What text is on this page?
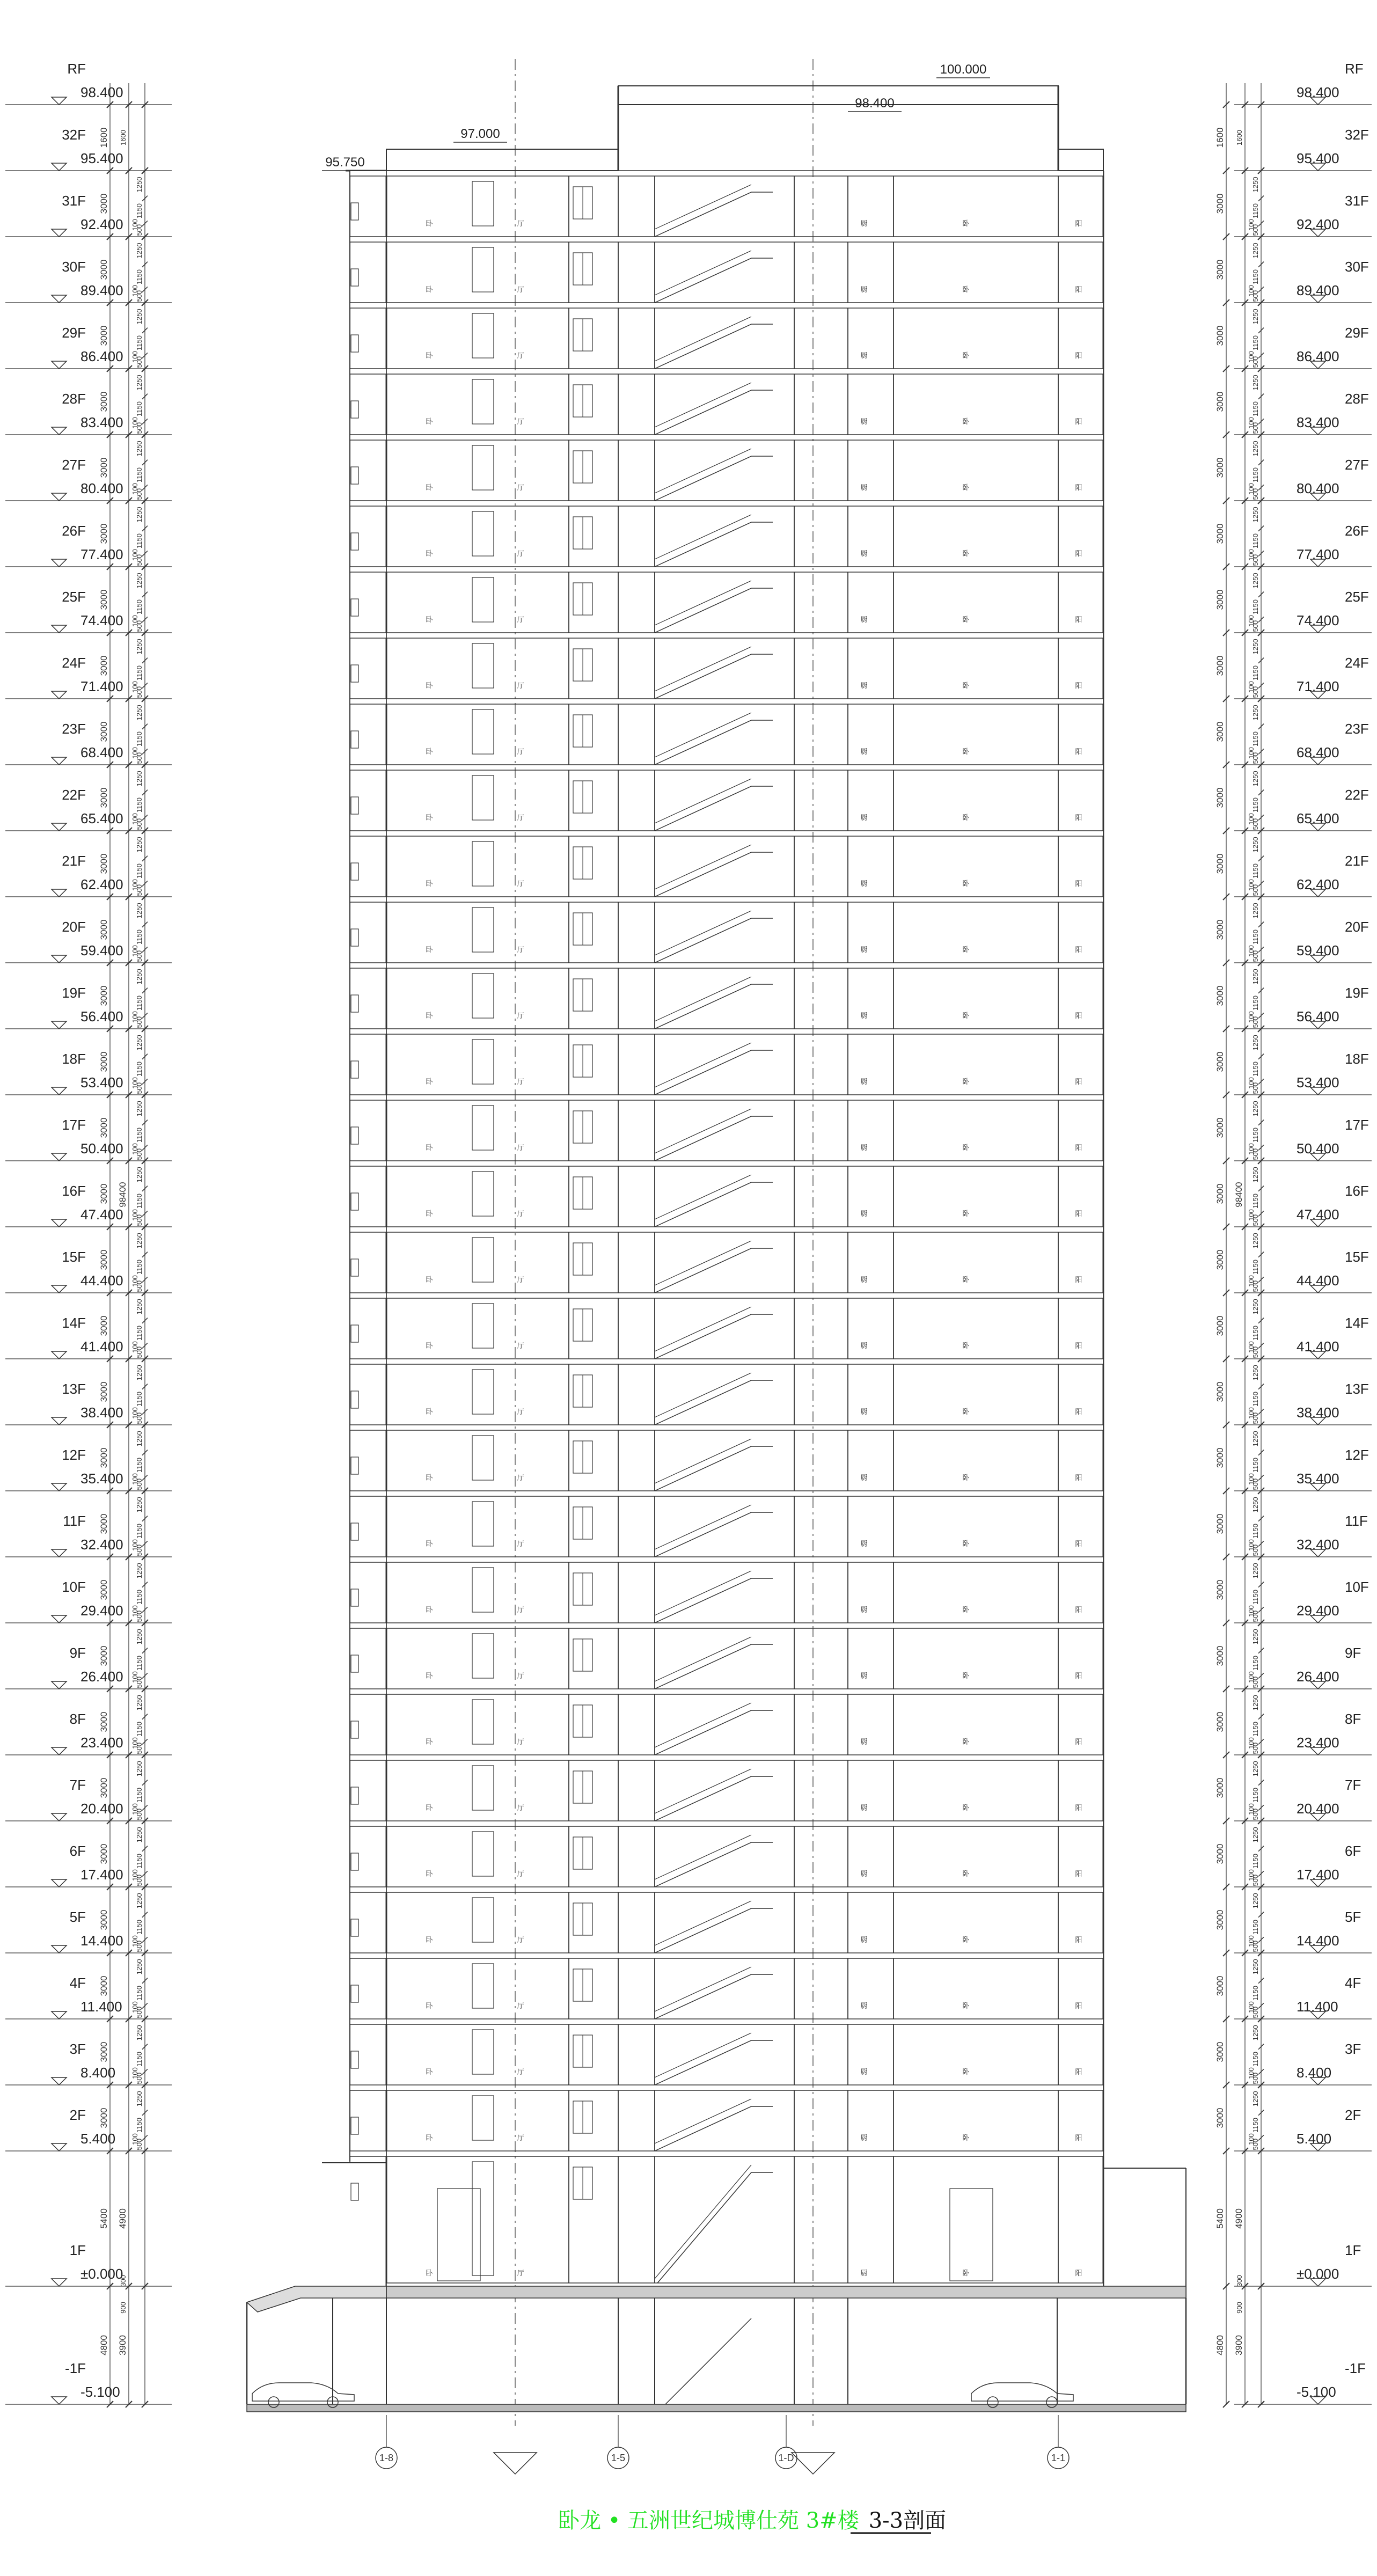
RF
98.400
1600 1600
32F
95.400
3000
1250
1150
500
100
31F
92.400
3000
1250
1150
500
100
30F
89.400
3000
1250
1150
500
100
29F
86.400
3000
1250
1150
500
100
28F
83.400
3000
1250
1150
500
100
27F
80.400
3000
1250
1150
500
100
26F
77.400
3000
1250
1150
500
100
25F
74.400
3000
1250
1150
500
100
24F
71.400
3000
1250
1150
500
100
23F
68.400
3000
1250
1150
500
100
22F
65.400
3000
1250
1150
500
100
21F
62.400
3000
1250
1150
500
100
20F
59.400
3000
1250
1150
500
100
19F
56.400
3000
1250
1150
500
100
18F
53.400
3000
1250
1150
500
100
17F
50.400
3000
1250
1150
500
100
16F
47.400
3000
1250
1150
500
100
15F
44.400
3000
1250
1150
500
100
14F
41.400
3000
1250
1150
500
100
13F
38.400
3000
1250
1150
500
100
12F
35.400
3000
1250
1150
500
100
11F
32.400
3000
1250
1150
500
100
10F
29.400
3000
1250
1150
500
100
9F
26.400
3000
1250
1150
500
100
8F
23.400
3000
1250
1150
500
100
7F
20.400
3000
1250
1150
500
100
6F
17.400
3000
1250
1150
500
100
5F
14.400
3000
1250
1150
500
100
4F
11.400
3000
1250
1150
500
100
3F
8.400
3000
1250
1150
500
100
2F
5.400
5400 4900
1F
±0.000
4800 3900
-1F
-5.100
98400
300
900
RF
98.400
1600 1600	32F
95.400
3000
1250
1150
500
100
31F
92.400
3000
1250
1150
500
100
30F
89.400
3000
1250
1150
500
100
29F
86.400
3000
1250
1150
500
100
28F
83.400
3000
1250
1150
500
100
27F
80.400
3000
1250
1150
500
100
26F
77.400
3000
1250
1150
500
100
25F
74.400
3000
1250
1150
500
100
24F
71.400
3000
1250
1150
500
100
23F
68.400
3000
1250
1150
500
100
22F
65.400
3000
1250
1150
500
100
21F
62.400
3000
1250
1150
500
100
20F
59.400
3000
1250
1150
500
100
19F
56.400
3000
1250
1150
500
100
18F
53.400
3000
1250
1150
500
100
17F
50.400
3000
1250
1150
500
100
16F
47.400
3000
1250
1150
500
100
15F
44.400
3000
1250
1150
500
100
14F
41.400
3000
1250
1150
500
100
13F
38.400
3000
1250
1150
500
100
12F
35.400
3000
1250
1150
500
100
11F
32.400
3000
1250
1150
500
100
10F
29.400
3000
1250
1150
500
100
9F
26.400
3000
1250
1150
500
100
8F
23.400
3000
1250
1150
500
100
7F
20.400
3000
1250
1150
500
100
6F
17.400
3000
1250
1150
500
100
5F
14.400
3000
1250
1150
500
100
4F
11.400
3000
1250
1150
500
100
3F
8.400
3000
1250
1150
500
100
2F
5.400
5400 4900
1F
±0.000
4800 3900
-1F
-5.100
98400
300
900
卧	厅	厨	卧	阳
卧	厅	厨	卧	阳
卧	厅	厨	卧	阳
卧	厅	厨	卧	阳
卧	厅	厨	卧	阳
卧	厅	厨	卧	阳
卧	厅	厨	卧	阳
卧	厅	厨	卧	阳
卧	厅	厨	卧	阳
卧	厅	厨	卧	阳
卧	厅	厨	卧	阳
卧	厅	厨	卧	阳
卧	厅	厨	卧	阳
卧	厅	厨	卧	阳
卧	厅	厨	卧	阳
卧	厅	厨	卧	阳
卧	厅	厨	卧	阳
卧	厅	厨	卧	阳
卧	厅	厨	卧	阳
卧	厅	厨	卧	阳
卧	厅	厨	卧	阳
卧	厅	厨	卧	阳
卧	厅	厨	卧	阳
卧	厅	厨	卧	阳
卧	厅	厨	卧	阳
卧	厅	厨	卧	阳
卧	厅	厨	卧	阳
卧	厅	厨	卧	阳
卧	厅	厨	卧	阳
卧	厅	厨	卧	阳
卧	厅	厨	卧	阳
1-8	1-5	1-D	1-1
100.000
98.400
97.000
95.750
卧龙 • 五洲世纪城博仕苑 3#楼 3-3剖面
